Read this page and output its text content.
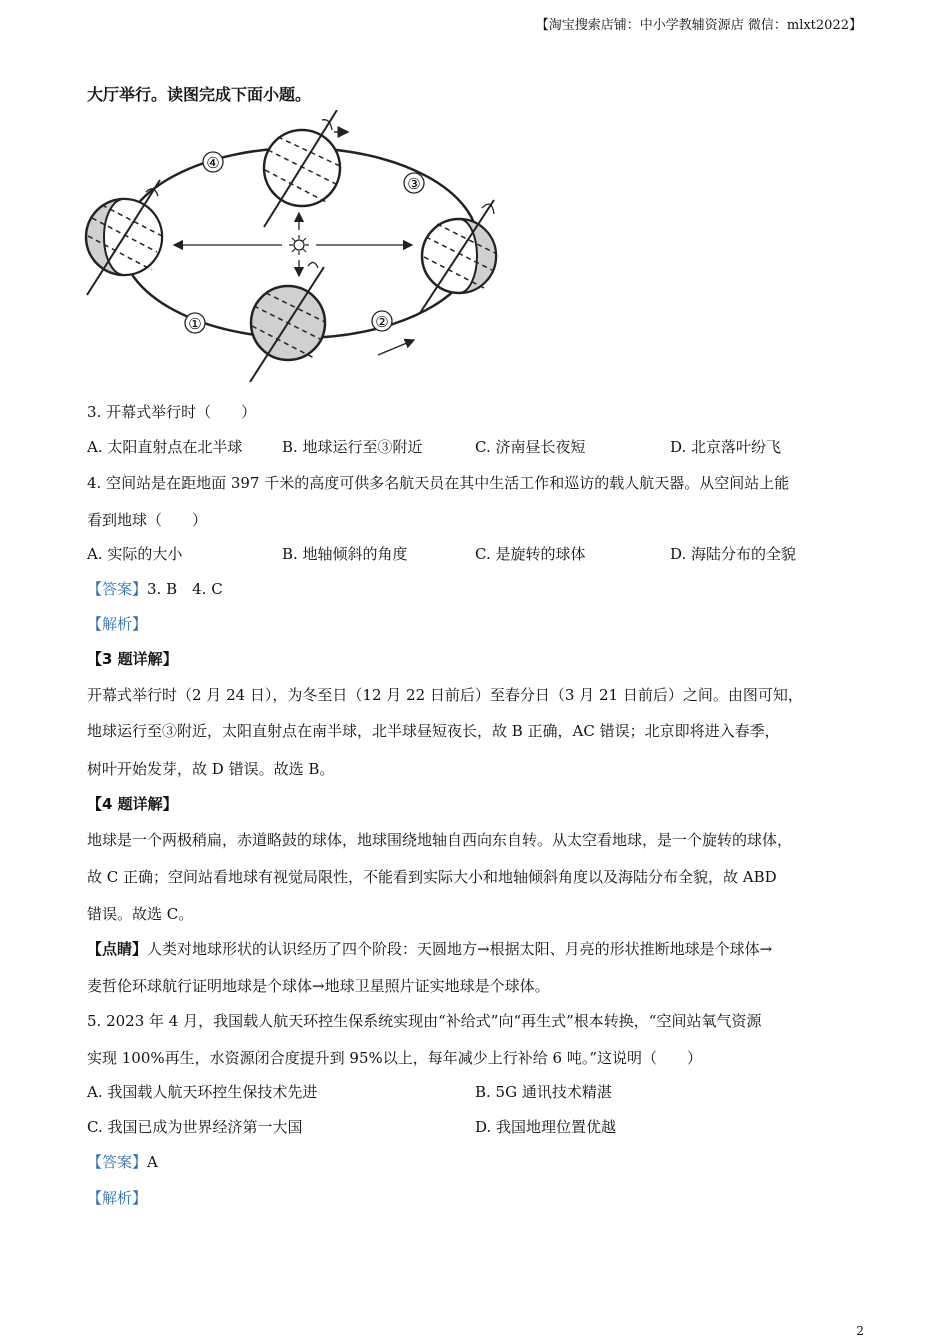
【淘宝搜索店铺：中小学教辅资源店 微信：mlxt2022】
大厅举行。读图完成下面小题。
①	②
③
④
☼
3. 开幕式举行时（　　）
A. 太阳直射点在北半球	B. 地球运行至③附近	C. 济南昼长夜短	D. 北京落叶纷飞
4. 空间站是在距地面 397 千米的高度可供多名航天员在其中生活工作和巡访的载人航天器。从空间站上能
看到地球（　　）
A. 实际的大小	B. 地轴倾斜的角度	C. 是旋转的球体	D. 海陆分布的全貌
【答案】3. B　4. C
【解析】
【3 题详解】
开幕式举行时（2 月 24 日），为冬至日（12 月 22 日前后）至春分日（3 月 21 日前后）之间。由图可知，
地球运行至③附近，太阳直射点在南半球，北半球昼短夜长，故 B 正确，AC 错误；北京即将进入春季，
树叶开始发芽，故 D 错误。故选 B。
【4 题详解】
地球是一个两极稍扁，赤道略鼓的球体，地球围绕地轴自西向东自转。从太空看地球，是一个旋转的球体，
故 C 正确；空间站看地球有视觉局限性，不能看到实际大小和地轴倾斜角度以及海陆分布全貌，故 ABD
错误。故选 C。
【点睛】人类对地球形状的认识经历了四个阶段：天圆地方→根据太阳、月亮的形状推断地球是个球体→
麦哲伦环球航行证明地球是个球体→地球卫星照片证实地球是个球体。
5. 2023 年 4 月，我国载人航天环控生保系统实现由“补给式”向“再生式”根本转换，“空间站氧气资源
实现 100%再生，水资源闭合度提升到 95%以上，每年减少上行补给 6 吨。”这说明（　　）
A. 我国载人航天环控生保技术先进	B. 5G 通讯技术精湛
C. 我国已成为世界经济第一大国	D. 我国地理位置优越
【答案】A
【解析】
2
